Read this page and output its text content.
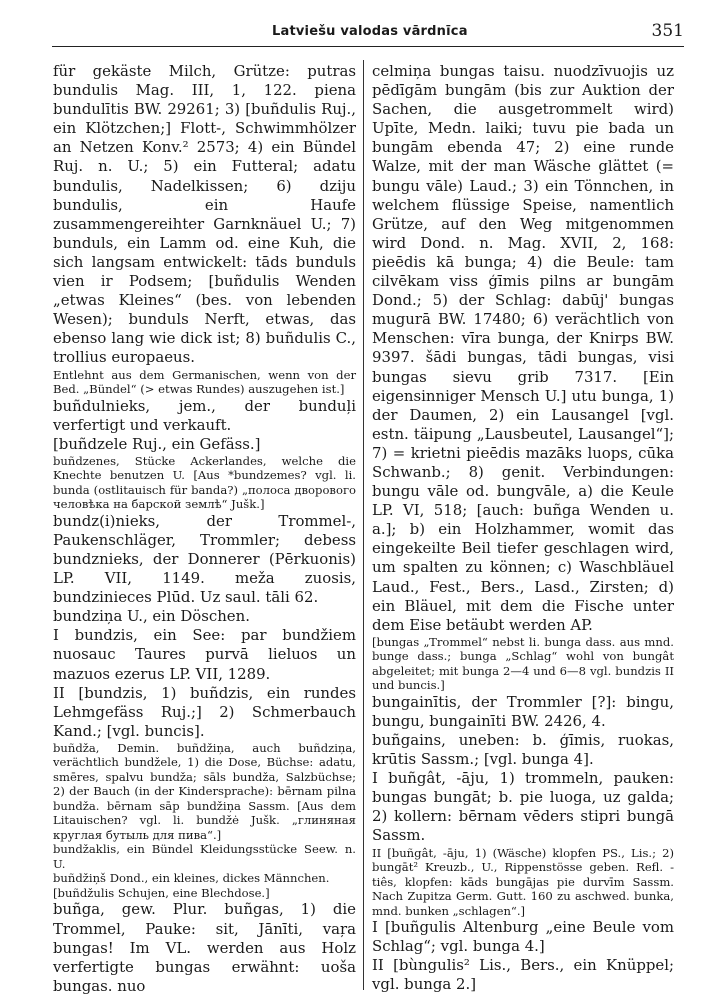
Latviešu valodas vārdnīca	351

für gekäste Milch, Grütze: putras bundulis Mag. III, 1, 122. piena bundulītis BW. 29261; 3) [buñdulis Ruj., ein Klötzchen;] Flott-, Schwimmhölzer an Netzen Konv.² 2573; 4) ein Bündel Ruj. n. U.; 5) ein Futteral; adatu bundulis, Nadelkissen; 6) dziju bundulis, ein Haufe zusammengereihter Garnknäuel U.; 7) bunduls, ein Lamm od. eine Kuh, die sich langsam entwickelt: tāds bunduls vien ir Podsem; [buñdulis Wenden „etwas Kleines“ (bes. von lebenden Wesen); bunduls Nerft, etwas, das ebenso lang wie dick ist; 8) buñdulis C., trollius europaeus.

Entlehnt aus dem Germanischen, wenn von der Bed. „Bündel“ (> etwas Rundes) auszugehen ist.]

buñdulnieks, jem., der bunduļi verfertigt und verkauft.

[buñdzele Ruj., ein Gefäss.]

buñdzenes, Stücke Ackerlandes, welche die Knechte benutzen U. [Aus *bundzemes? vgl. li. bunda (ostlitauisch für banda?) „полоса дворового человѣка на барской землѣ“ Jušk.]

bundz(i)nieks, der Trommel-, Paukenschläger, Trommler; debess bundznieks, der Donnerer (Pērkuonis) LP. VII, 1149. meža zuosis, bundzinieces Plūd. Uz saul. tāli 62.

bundziņa U., ein Döschen.

I bundzis, ein See: par bundžiem nuosauc Taures purvā lieluos un mazuos ezerus LP. VII, 1289.

II [bundzis, 1) buñdzis, ein rundes Lehmgefäss Ruj.;] 2) Schmerbauch Kand.; [vgl. buncis].

buñdža, Demin. buñdžiņa, auch buñdziņa, verächtlich bundžele, 1) die Dose, Büchse: adatu, smēres, spalvu bundža; sāls bundža, Salzbüchse; 2) der Bauch (in der Kindersprache): bērnam pilna bundža. bērnam sāp bundžiņa Sassm. [Aus dem Litauischen? vgl. li. bundžė Jušk. „глиняная круглая бутыль для пива“.]

bundžaklis, ein Bündel Kleidungsstücke Seew. n. U.

buñdžiņš Dond., ein kleines, dickes Männchen.

[buñdžulis Schujen, eine Blechdose.]

buñga, gew. Plur. buñgas, 1) die Trommel, Pauke: sit, Jānīti, vaŗa bungas! Im VL. werden aus Holz verfertigte bungas erwähnt: uoša bungas. nuo

celmiņa bungas taisu. nuodzīvuojis uz pēdīgām bungām (bis zur Auktion der Sachen, die ausgetrommelt wird) Upīte, Medn. laiki; tuvu pie bada un bungām ebenda 47; 2) eine runde Walze, mit der man Wäsche glättet (= bungu vāle) Laud.; 3) ein Tönnchen, in welchem flüssige Speise, namentlich Grütze, auf den Weg mitgenommen wird Dond. n. Mag. XVII, 2, 168: pieēdis kā bunga; 4) die Beule: tam cilvēkam viss ģīmis pilns ar bungām Dond.; 5) der Schlag: dabūj' bungas mugurā BW. 17480; 6) verächtlich von Menschen: vīra bunga, der Knirps BW. 9397. šādi bungas, tādi bungas, visi bungas sievu grib 7317. [Ein eigensinniger Mensch U.] utu bunga, 1) der Daumen, 2) ein Lausangel [vgl. estn. täipung „Lausbeutel, Lausangel“]; 7) = krietni pieēdis mazāks luops, cūka Schwanb.; 8) genit. Verbindungen: bungu vāle od. bungvāle, a) die Keule LP. VI, 518; [auch: buñga Wenden u. a.]; b) ein Holzhammer, womit das eingekeilte Beil tiefer geschlagen wird, um spalten zu können; c) Waschbläuel Laud., Fest., Bers., Lasd., Zirsten; d) ein Bläuel, mit dem die Fische unter dem Eise betäubt werden AP.

[bungas „Trommel“ nebst li. bunga dass. aus mnd. bunge dass.; bunga „Schlag“ wohl von bungât abgeleitet; mit bunga 2—4 und 6—8 vgl. bundzis II und buncis.]

bungainītis, der Trommler [?]: bingu, bungu, bungainīti BW. 2426, 4.

buñgains, uneben: b. ģīmis, ruokas, krūtis Sassm.; [vgl. bunga 4].

I buñgât, -āju, 1) trommeln, pauken: bungas bungāt; b. pie luoga, uz galda; 2) kollern: bērnam vēders stipri bungā Sassm.

II [buñgât, -āju, 1) (Wäsche) klopfen PS., Lis.; 2) bungāt² Kreuzb., U., Rippenstösse geben. Refl. -tiês, klopfen: kāds bungājas pie durvīm Sassm. Nach Zupitza Germ. Gutt. 160 zu aschwed. bunka, mnd. bunken „schlagen“.]

I [buñgulis Altenburg „eine Beule vom Schlag“; vgl. bunga 4.]

II [bùngulis² Lis., Bers., ein Knüppel; vgl. bunga 2.]
